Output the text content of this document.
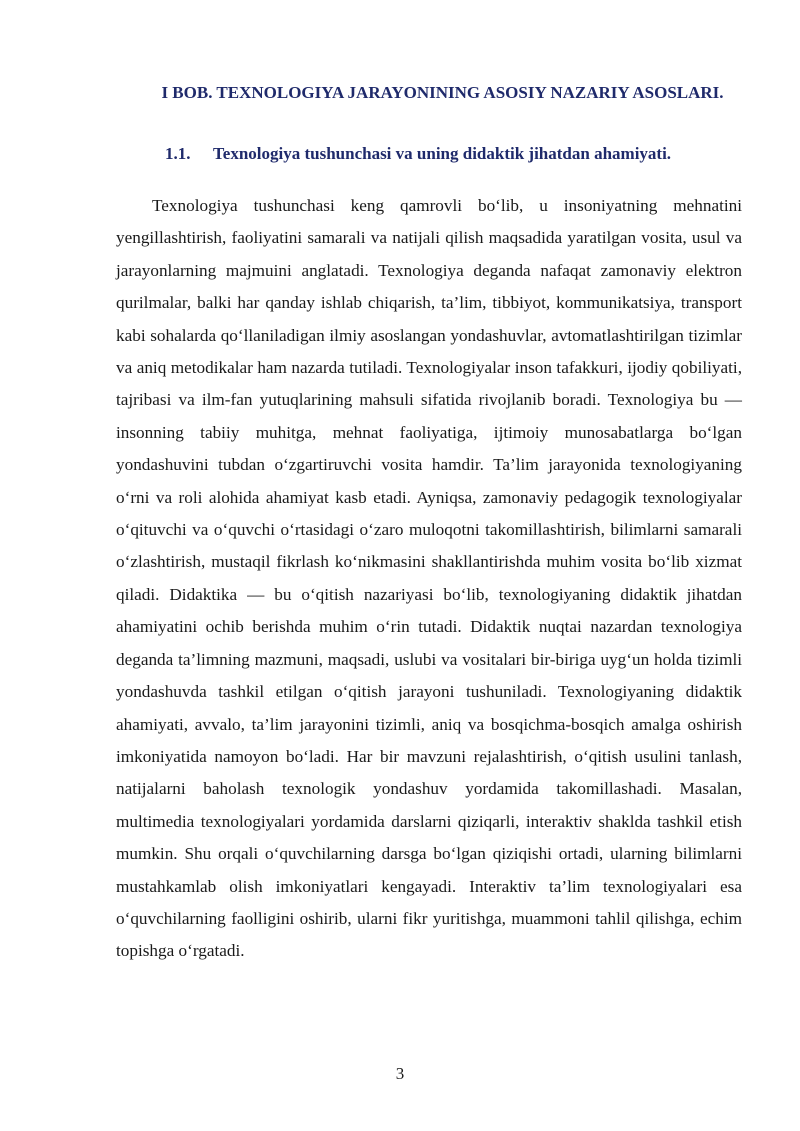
I BOB. TEXNOLOGIYA JARAYONINING ASOSIY NAZARIY ASOSLARI.
1.1. Texnologiya tushunchasi va uning didaktik jihatdan ahamiyati.

Texnologiya tushunchasi keng qamrovli bo‘lib, u insoniyatning mehnatini yengillashtirish, faoliyatini samarali va natijali qilish maqsadida yaratilgan vosita, usul va jarayonlarning majmuini anglatadi. Texnologiya deganda nafaqat zamonaviy elektron qurilmalar, balki har qanday ishlab chiqarish, ta’lim, tibbiyot, kommunikatsiya, transport kabi sohalarda qo‘llaniladigan ilmiy asoslangan yondashuvlar, avtomatlashtirilgan tizimlar va aniq metodikalar ham nazarda tutiladi. Texnologiyalar inson tafakkuri, ijodiy qobiliyati, tajribasi va ilm-fan yutuqlarining mahsuli sifatida rivojlanib boradi. Texnologiya bu — insonning tabiiy muhitga, mehnat faoliyatiga, ijtimoiy munosabatlarga bo‘lgan yondashuvini tubdan o‘zgartiruvchi vosita hamdir. Ta’lim jarayonida texnologiyaning o‘rni va roli alohida ahamiyat kasb etadi. Ayniqsa, zamonaviy pedagogik texnologiyalar o‘qituvchi va o‘quvchi o‘rtasidagi o‘zaro muloqotni takomillashtirish, bilimlarni samarali o‘zlashtirish, mustaqil fikrlash ko‘nikmasini shakllantirishda muhim vosita bo‘lib xizmat qiladi. Didaktika — bu o‘qitish nazariyasi bo‘lib, texnologiyaning didaktik jihatdan ahamiyatini ochib berishda muhim o‘rin tutadi. Didaktik nuqtai nazardan texnologiya deganda ta’limning mazmuni, maqsadi, uslubi va vositalari bir-biriga uyg‘un holda tizimli yondashuvda tashkil etilgan o‘qitish jarayoni tushuniladi. Texnologiyaning didaktik ahamiyati, avvalo, ta’lim jarayonini tizimli, aniq va bosqichma-bosqich amalga oshirish imkoniyatida namoyon bo‘ladi. Har bir mavzuni rejalashtirish, o‘qitish usulini tanlash, natijalarni baholash texnologik yondashuv yordamida takomillashadi. Masalan, multimedia texnologiyalari yordamida darslarni qiziqarli, interaktiv shaklda tashkil etish mumkin. Shu orqali o‘quvchilarning darsga bo‘lgan qiziqishi ortadi, ularning bilimlarni mustahkamlab olish imkoniyatlari kengayadi. Interaktiv ta’lim texnologiyalari esa o‘quvchilarning faolligini oshirib, ularni fikr yuritishga, muammoni tahlil qilishga, echim topishga o‘rgatadi.

3
